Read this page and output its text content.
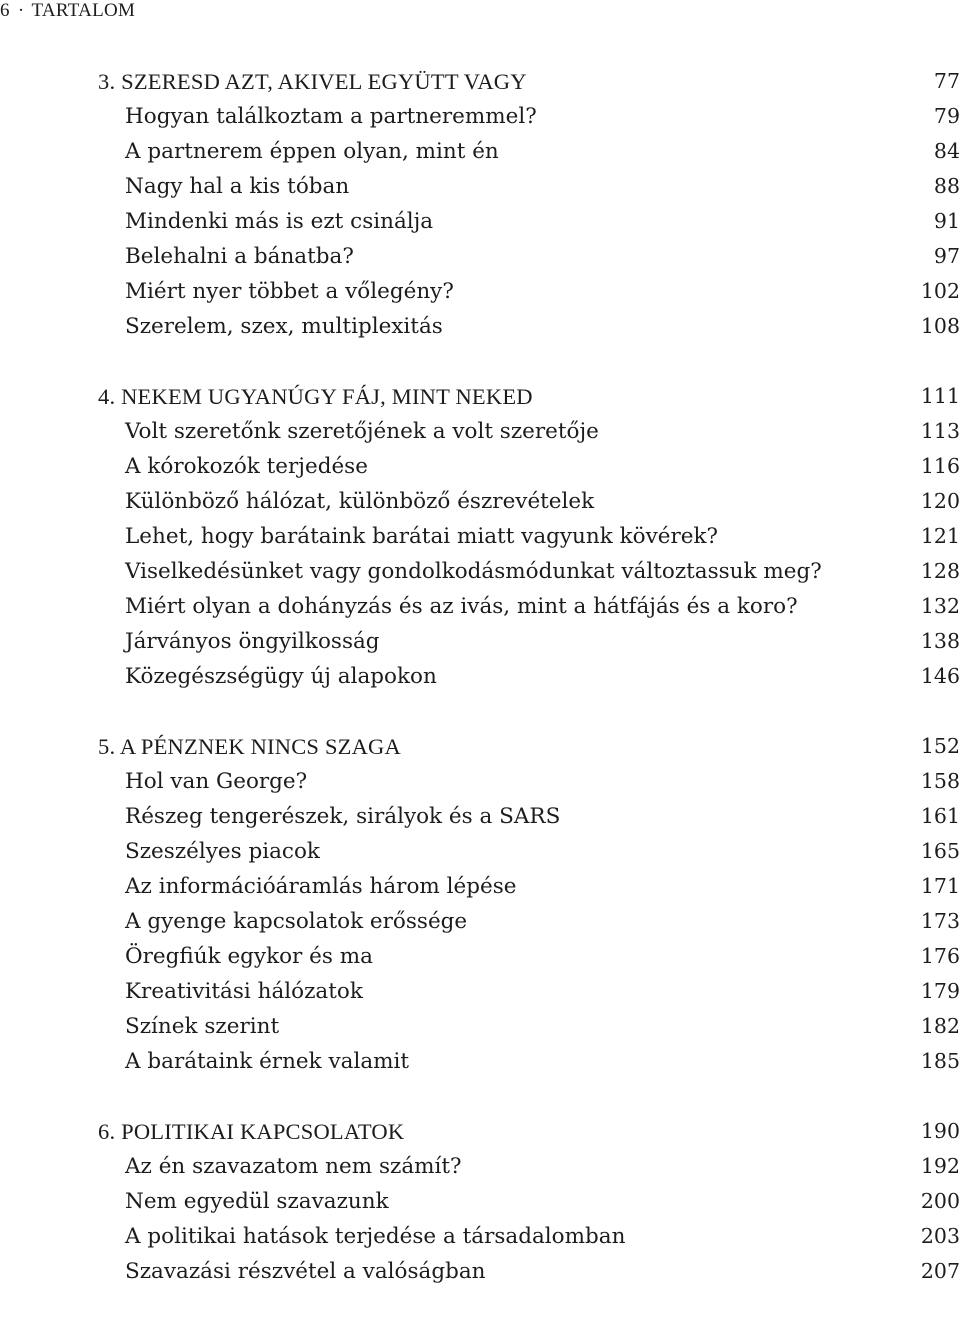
6 · TARTALOM
3. SZERESD AZT, AKIVEL EGYÜTT VAGY	77
Hogyan találkoztam a partneremmel?	79
A partnerem éppen olyan, mint én	84
Nagy hal a kis tóban	88
Mindenki más is ezt csinálja	91
Belehalni a bánatba?	97
Miért nyer többet a vőlegény?	102
Szerelem, szex, multiplexitás	108
4. NEKEM UGYANÚGY FÁJ, MINT NEKED	111
Volt szeretőnk szeretőjének a volt szeretője	113
A kórokozók terjedése	116
Különböző hálózat, különböző észrevételek	120
Lehet, hogy barátaink barátai miatt vagyunk kövérek?	121
Viselkedésünket vagy gondolkodásmódunkat változtassuk meg?	128
Miért olyan a dohányzás és az ivás, mint a hátfájás és a koro?	132
Járványos öngyilkosság	138
Közegészségügy új alapokon	146
5. A PÉNZNEK NINCS SZAGA	152
Hol van George?	158
Részeg tengerészek, sirályok és a SARS	161
Szeszélyes piacok	165
Az információáramlás három lépése	171
A gyenge kapcsolatok erőssége	173
Öregfiúk egykor és ma	176
Kreativitási hálózatok	179
Színek szerint	182
A barátaink érnek valamit	185
6. POLITIKAI KAPCSOLATOK	190
Az én szavazatom nem számít?	192
Nem egyedül szavazunk	200
A politikai hatások terjedése a társadalomban	203
Szavazási részvétel a valóságban	207
